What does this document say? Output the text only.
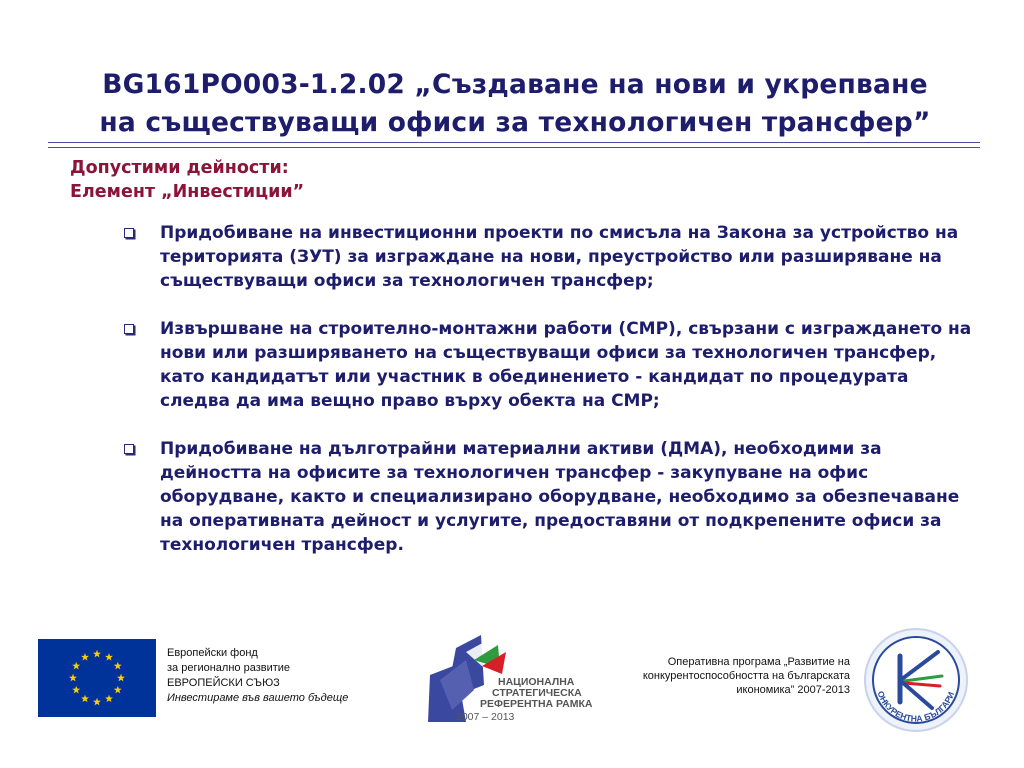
BG161PO003-1.2.02 „Създаване на нови и укрепване
на съществуващи офиси за технологичен трансфер”
Допустими дейности:
Елемент „Инвестиции”
Придобиване на инвестиционни проекти по смисъла на Закона за устройство на територията (ЗУТ) за изграждане на нови, преустройство или разширяване на съществуващи офиси за технологичен трансфер;
Извършване на строително-монтажни работи (СМР), свързани с изграждането на нови или разширяването на съществуващи офиси за технологичен трансфер, като кандидатът или участник в обединението - кандидат по процедурата следва да има вещно право върху обекта на СМР;
Придобиване на дълготрайни материални активи (ДМА), необходими за дейността на офисите за технологичен трансфер - закупуване на офис оборудване, както и специализирано оборудване, необходимо за обезпечаване на оперативната дейност и услугите, предоставяни от подкрепените офиси за технологичен трансфер.
Европейски фонд
за регионално развитие
ЕВРОПЕЙСКИ СЪЮЗ
Инвестираме във вашето бъдеще
НАЦИОНАЛНА
СТРАТЕГИЧЕСКА
РЕФЕРЕНТНА РАМКА
2007 – 2013
Оперативна програма „Развитие на
конкурентоспособността на българската
икономика” 2007-2013	ОНКУРЕНТНА БЪЛГАРИ
